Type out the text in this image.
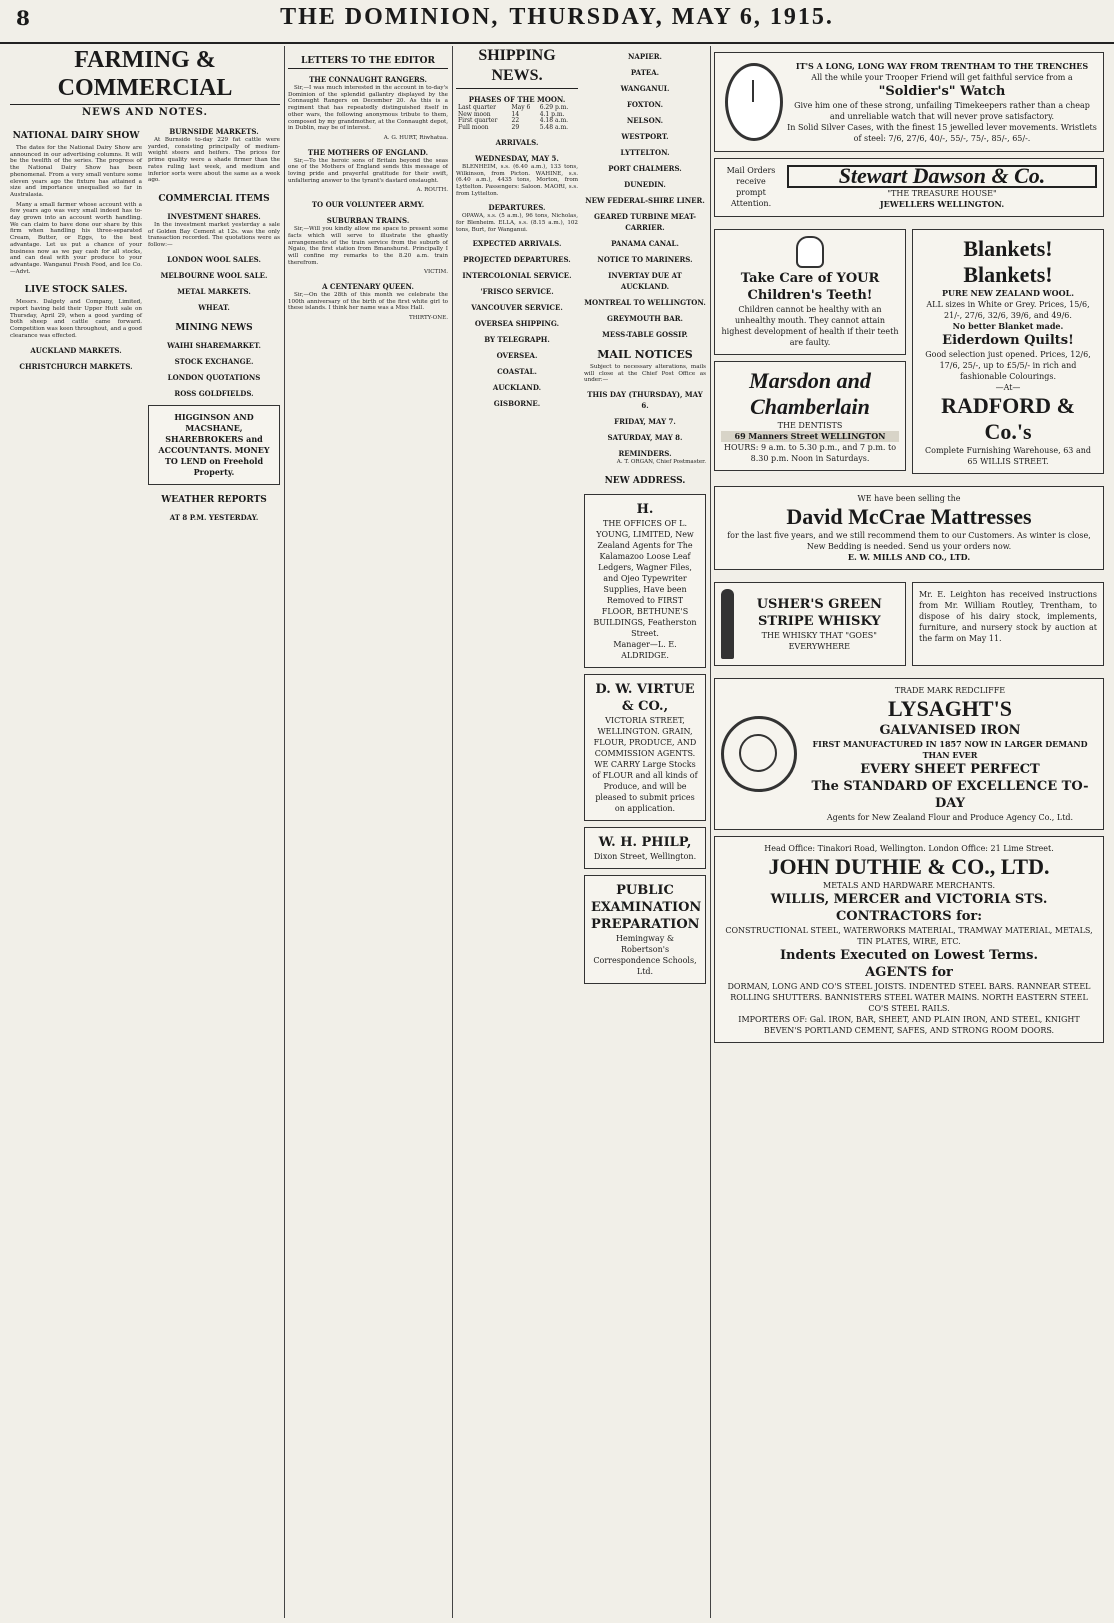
8	THE DOMINION, THURSDAY, MAY 6, 1915.
FARMING & COMMERCIAL
NEWS AND NOTES.
NATIONAL DAIRY SHOW

The dates for the National Dairy Show are announced in our advertising columns. It will be the twelfth of the series. The progress of the National Dairy Show has been phenomenal. From a very small venture some eleven years ago the fixture has attained a size and importance unequalled so far in Australasia.

Many a small farmer whose account with a few years ago was very small indeed has to-day grown into an account worth handling. We can claim to have done our share by this firm when handling his three-separated Cream, Butter, or Eggs, to the best advantage. Let us put a chance of your business now as we pay cash for all stocks, and can deal with your produce to your advantage. Wanganui Fresh Food, and Ice Co.—Advt.

LIVE STOCK SALES.

Messrs. Dalgety and Company, Limited, report having held their Upper Hutt sale on Thursday, April 29, when a good yarding of both sheep and cattle came forward. Competition was keen throughout, and a good clearance was effected.

AUCKLAND MARKETS.
CHRISTCHURCH MARKETS.
BURNSIDE MARKETS.

At Burnside to-day 229 fat cattle were yarded, consisting principally of medium-weight steers and heifers. The prices for prime quality were a shade firmer than the rates ruling last week, and medium and inferior sorts were about the same as a week ago.

COMMERCIAL ITEMS
INVESTMENT SHARES.

In the investment market yesterday a sale of Golden Bay Cement at 12s. was the only transaction recorded. The quotations were as follow:—

LONDON WOOL SALES.
MELBOURNE WOOL SALE.
METAL MARKETS.
WHEAT.
MINING NEWS
WAIHI SHAREMARKET.
STOCK EXCHANGE.
LONDON QUOTATIONS
ROSS GOLDFIELDS.
HIGGINSON AND MACSHANE, SHAREBROKERS and ACCOUNTANTS. MONEY TO LEND on Freehold Property.
WEATHER REPORTS
AT 8 P.M. YESTERDAY.
LETTERS TO THE EDITOR
THE CONNAUGHT RANGERS.

Sir,—I was much interested in the account in to-day's Dominion of the splendid gallantry displayed by the Connaught Rangers on December 20. As this is a regiment that has repeatedly distinguished itself in other wars, the following anonymous tribute to them, composed by my grandmother, at the Connaught depot, in Dublin, may be of interest.

A. G. HURT, Riwhatua.

THE MOTHERS OF ENGLAND.

Sir,—To the heroic sons of Britain beyond the seas one of the Mothers of England sends this message of loving pride and prayerful gratitude for their swift, unfaltering answer to the tyrant's dastard onslaught.

A. ROUTH.

TO OUR VOLUNTEER ARMY.
SUBURBAN TRAINS.

Sir,—Will you kindly allow me space to present some facts which will serve to illustrate the ghastly arrangements of the train service from the suburb of Ngaio, the first station from Bmanshurst. Principally I will confine my remarks to the 8.20 a.m. train therefrom.

VICTIM.

A CENTENARY QUEEN.

Sir,—On the 28th of this month we celebrate the 100th anniversary of the birth of the first white girl to these islands. I think her name was a Miss Hall.

THIRTY-ONE.

SHIPPING NEWS.
PHASES OF THE MOON.
Last quarter	May 6	6.29 p.m.
New moon	14	4.1 p.m.
First quarter	22	4.18 a.m.
Full moon	29	5.48 a.m.
ARRIVALS.
WEDNESDAY, MAY 5.

BLENHEIM, s.s. (6.40 a.m.), 133 tons, Wilkinson, from Picton. WAHINE, s.s. (6.40 a.m.), 4435 tons, Morton, from Lyttelton. Passengers: Saloon. MAORI, s.s. from Lyttelton.

DEPARTURES.

OPAWA, s.s. (5 a.m.), 96 tons, Nicholas, for Blenheim. ELLA, s.s. (8.15 a.m.), 102 tons, Burt, for Wanganui.

EXPECTED ARRIVALS.
PROJECTED DEPARTURES.
INTERCOLONIAL SERVICE.
'FRISCO SERVICE.
VANCOUVER SERVICE.
OVERSEA SHIPPING.
BY TELEGRAPH.
OVERSEA.
COASTAL.
AUCKLAND.
GISBORNE.
NAPIER.
PATEA.
WANGANUI.
FOXTON.
NELSON.
WESTPORT.
LYTTELTON.
PORT CHALMERS.
DUNEDIN.
NEW FEDERAL-SHIRE LINER.
GEARED TURBINE MEAT-CARRIER.
PANAMA CANAL.
NOTICE TO MARINERS.
INVERTAY DUE AT AUCKLAND.
MONTREAL TO WELLINGTON.
GREYMOUTH BAR.
MESS-TABLE GOSSIP.
MAIL NOTICES

Subject to necessary alterations, mails will close at the Chief Post Office as under:—

THIS DAY (THURSDAY), MAY 6.
FRIDAY, MAY 7.
SATURDAY, MAY 8.
REMINDERS.

A. T. ORGAN, Chief Postmaster.

NEW ADDRESS.
H.
THE OFFICES OF L. YOUNG, LIMITED, New Zealand Agents for The Kalamazoo Loose Leaf Ledgers, Wagner Files, and Ojeo Typewriter Supplies, Have been Removed to FIRST FLOOR, BETHUNE'S BUILDINGS, Featherston Street.
Manager—L. E. ALDRIDGE.
D. W. VIRTUE & CO.,
VICTORIA STREET, WELLINGTON. GRAIN, FLOUR, PRODUCE, AND COMMISSION AGENTS.
WE CARRY Large Stocks of FLOUR and all kinds of Produce, and will be pleased to submit prices on application.
W. H. PHILP,
Dixon Street, Wellington.
PUBLIC EXAMINATION PREPARATION
Hemingway & Robertson's Correspondence Schools, Ltd.
IT'S A LONG, LONG WAY FROM TRENTHAM TO THE TRENCHES
All the while your Trooper Friend will get faithful service from a
"Soldier's" Watch
Give him one of these strong, unfailing Timekeepers rather than a cheap and unreliable watch that will never prove satisfactory.
In Solid Silver Cases, with the finest 15 jewelled lever movements. Wristlets of steel: 7/6, 27/6, 40/-, 55/-, 75/-, 85/-, 65/-.
Mail Orders receive prompt Attention.
Stewart Dawson & Co.
"THE TREASURE HOUSE"
JEWELLERS WELLINGTON.
Take Care of YOUR Children's Teeth!
Children cannot be healthy with an unhealthy mouth. They cannot attain highest development of health if their teeth are faulty.
Marsdon and Chamberlain
THE DENTISTS
69 Manners Street WELLINGTON
HOURS: 9 a.m. to 5.30 p.m., and 7 p.m. to 8.30 p.m. Noon in Saturdays.
Blankets! Blankets!
PURE NEW ZEALAND WOOL.
ALL sizes in White or Grey. Prices, 15/6, 21/-, 27/6, 32/6, 39/6, and 49/6.
No better Blanket made.
Eiderdown Quilts!
Good selection just opened. Prices, 12/6, 17/6, 25/-, up to £5/5/- in rich and fashionable Colourings.
—At—
RADFORD & Co.'s
Complete Furnishing Warehouse, 63 and 65 WILLIS STREET.
WE have been selling the
David McCrae Mattresses
for the last five years, and we still recommend them to our Customers. As winter is close, New Bedding is needed. Send us your orders now.
E. W. MILLS AND CO., LTD.
USHER'S GREEN STRIPE WHISKY
THE WHISKY THAT "GOES" EVERYWHERE
Mr. E. Leighton has received instructions from Mr. William Routley, Trentham, to dispose of his dairy stock, implements, furniture, and nursery stock by auction at the farm on May 11.
TRADE MARK REDCLIFFE
LYSAGHT'S
GALVANISED IRON
FIRST MANUFACTURED IN 1857 NOW IN LARGER DEMAND THAN EVER
EVERY SHEET PERFECT
The STANDARD OF EXCELLENCE TO-DAY
Agents for New Zealand Flour and Produce Agency Co., Ltd.
Head Office: Tinakori Road, Wellington. London Office: 21 Lime Street.
JOHN DUTHIE & CO., LTD.
METALS AND HARDWARE MERCHANTS.
WILLIS, MERCER and VICTORIA STS.
CONTRACTORS for:
CONSTRUCTIONAL STEEL, WATERWORKS MATERIAL, TRAMWAY MATERIAL, METALS, TIN PLATES, WIRE, ETC.
Indents Executed on Lowest Terms.
AGENTS for
DORMAN, LONG AND CO'S STEEL JOISTS. INDENTED STEEL BARS. RANNEAR STEEL ROLLING SHUTTERS. BANNISTERS STEEL WATER MAINS. NORTH EASTERN STEEL CO'S STEEL RAILS.
IMPORTERS OF: Gal. IRON, BAR, SHEET, AND PLAIN IRON, AND STEEL, KNIGHT BEVEN'S PORTLAND CEMENT, SAFES, AND STRONG ROOM DOORS.
